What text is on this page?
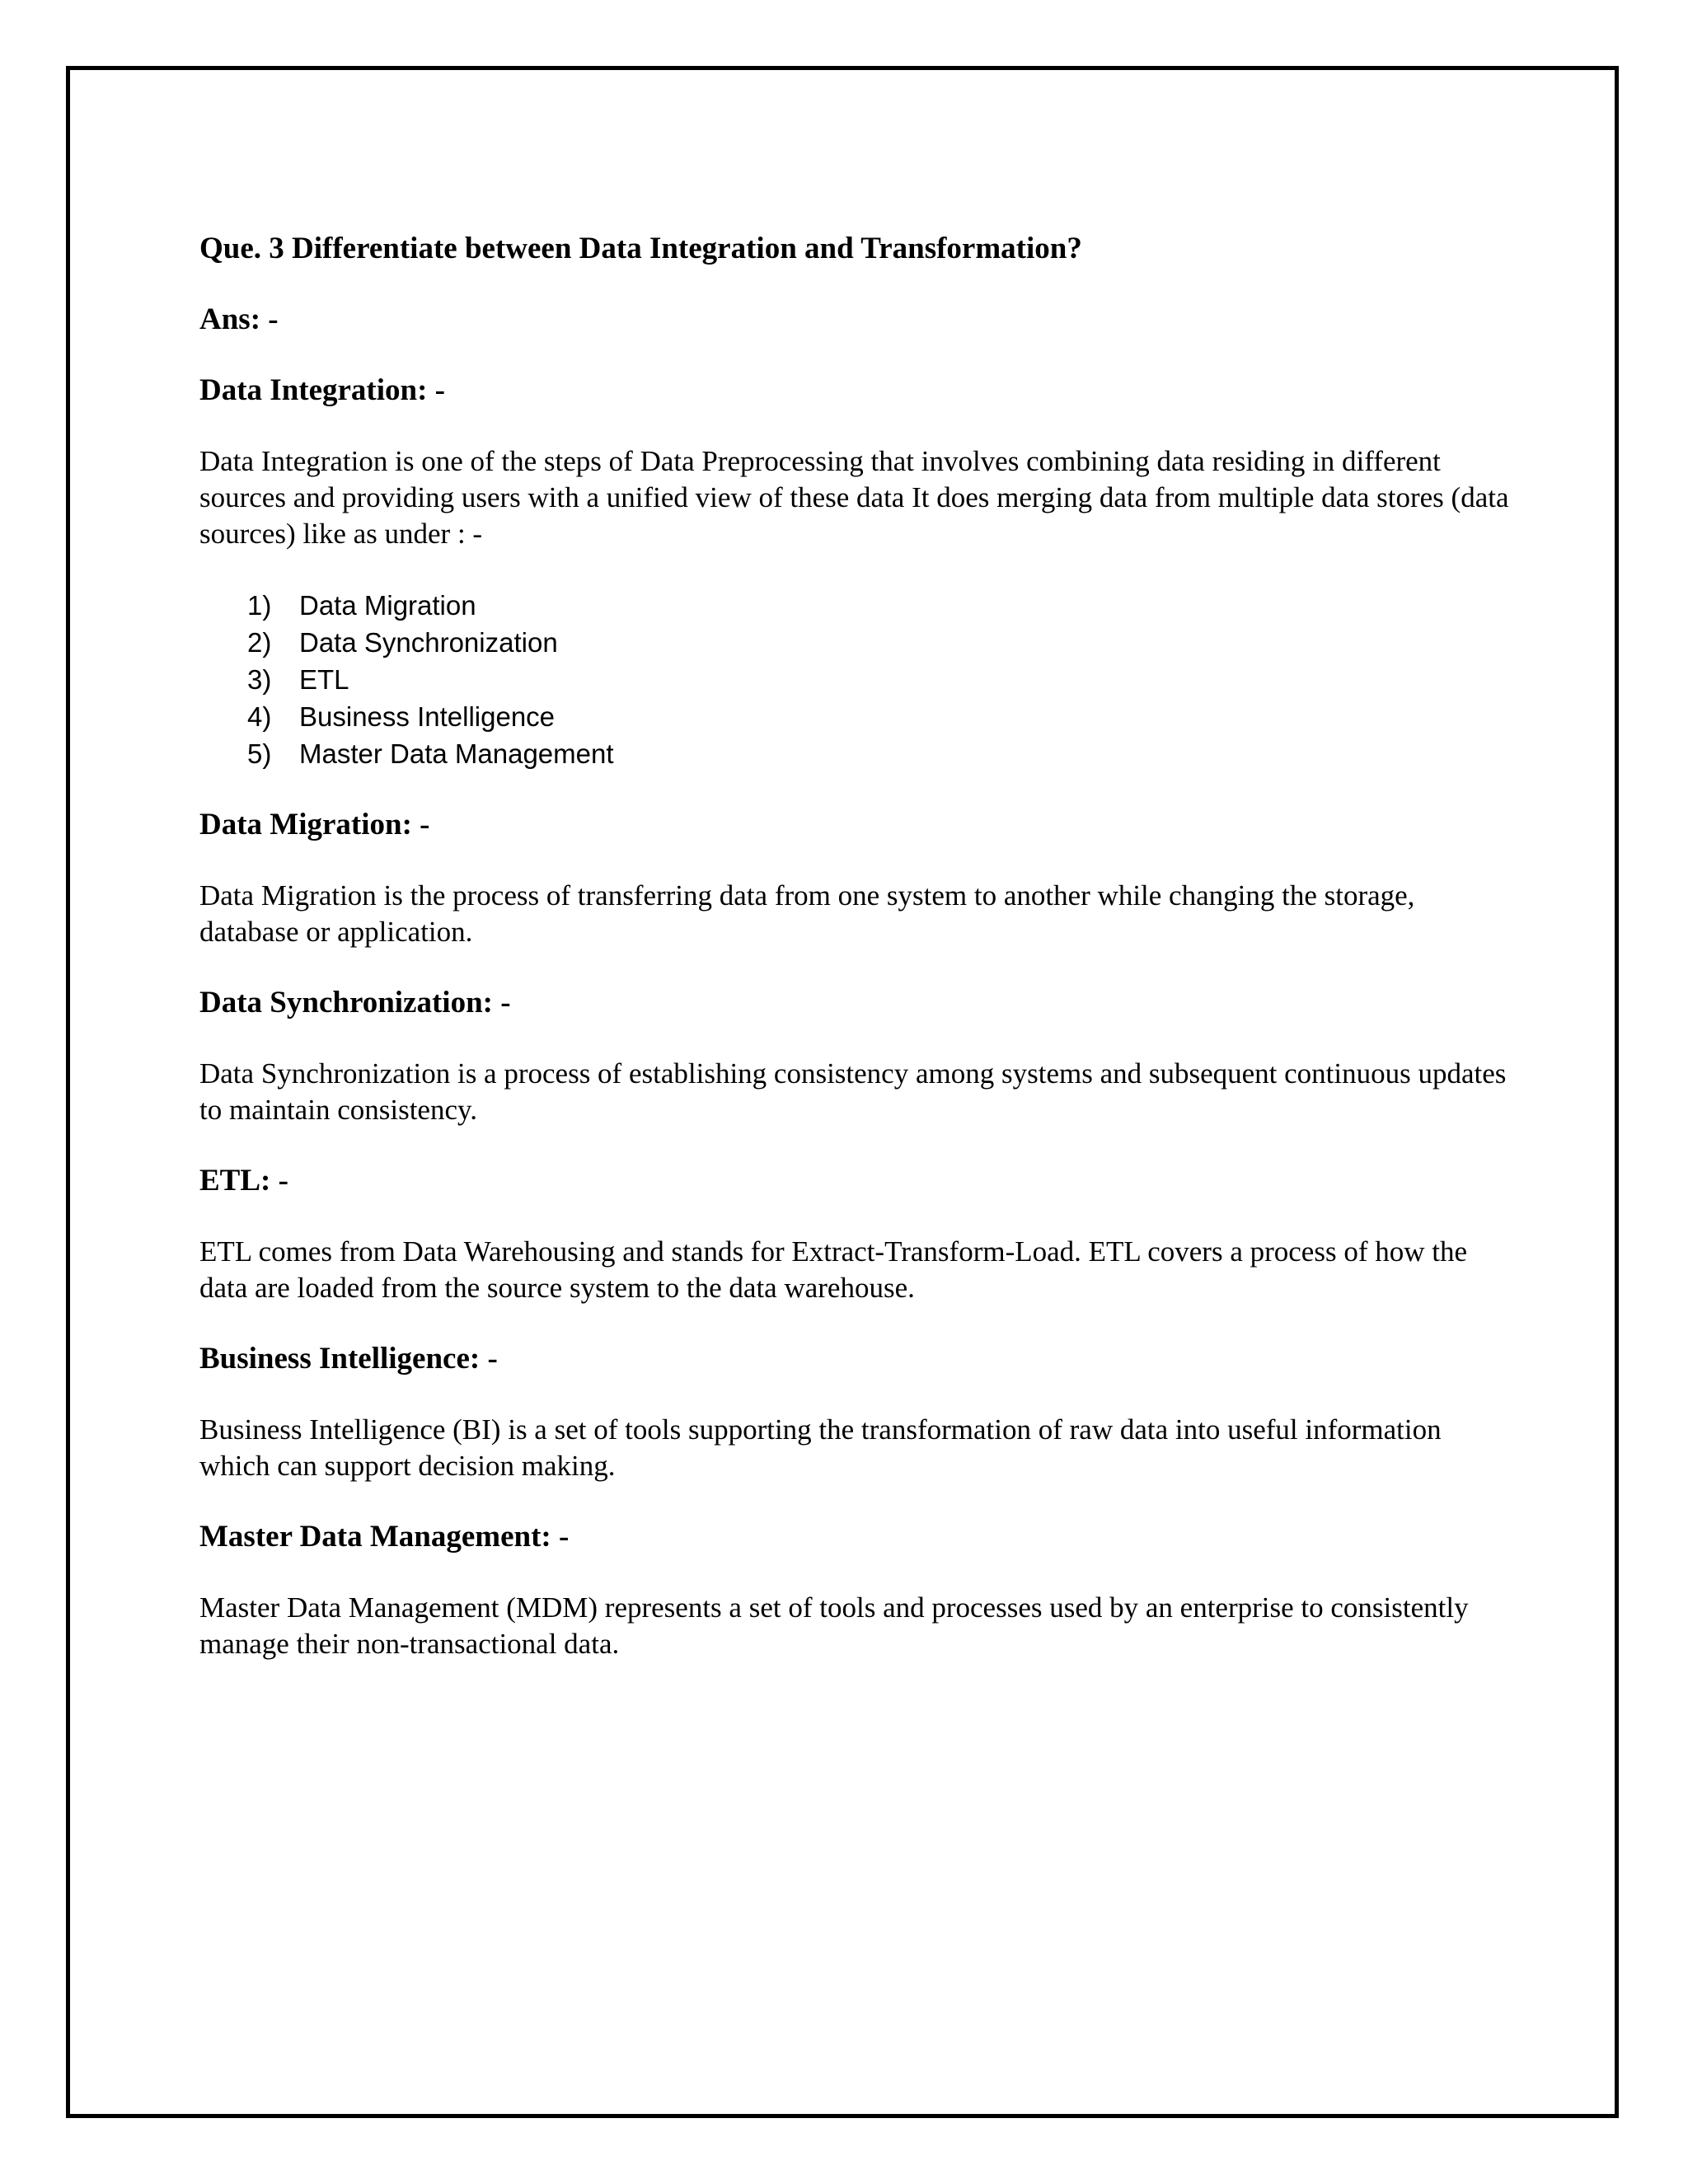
Que. 3 Differentiate between Data Integration and Transformation?

Ans: -

Data Integration: -

Data Integration is one of the steps of Data Preprocessing that involves combining data residing in different sources and providing users with a unified view of these data It does merging data from multiple data stores (data sources) like as under : -

1)	Data Migration
2)	Data Synchronization
3)	ETL
4)	Business Intelligence
5)	Master Data Management

Data Migration: -

Data Migration is the process of transferring data from one system to another while changing the storage, database or application.

Data Synchronization: -

Data Synchronization is a process of establishing consistency among systems and subsequent continuous updates to maintain consistency.

ETL: -

ETL comes from Data Warehousing and stands for Extract-Transform-Load. ETL covers a process of how the data are loaded from the source system to the data warehouse.

Business Intelligence: -

Business Intelligence (BI) is a set of tools supporting the transformation of raw data into useful information which can support decision making.

Master Data Management: -

Master Data Management (MDM) represents a set of tools and processes used by an enterprise to consistently manage their non-transactional data.
